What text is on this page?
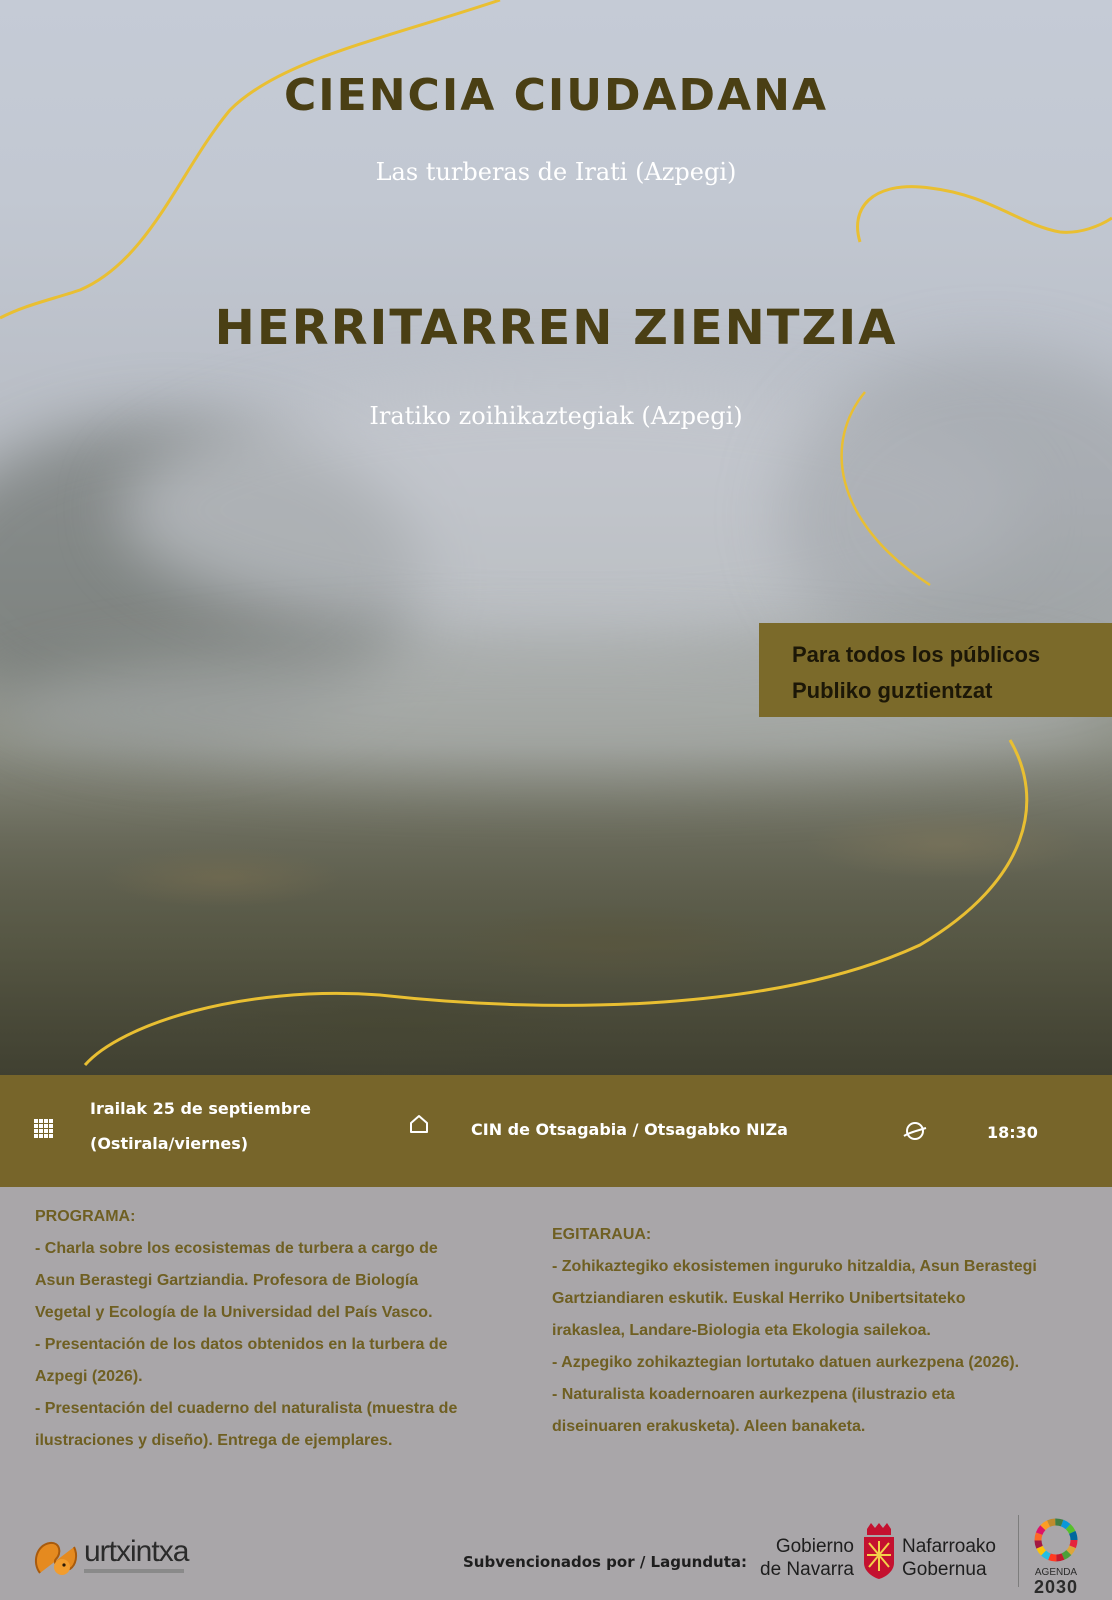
CIENCIA CIUDADANA
Las turberas de Irati (Azpegi)
HERRITARREN ZIENTZIA
Iratiko zoihikaztegiak (Azpegi)
Para todos los públicos
Publiko guztientzat
Irailak 25 de septiembre
(Ostirala/viernes)
CIN de Otsagabia / Otsagabko NIZa	18:30

PROGRAMA:

- Charla sobre los ecosistemas de turbera a cargo de

Asun Berastegi Gartziandia. Profesora de Biología

Vegetal y Ecología de la Universidad del País Vasco.

- Presentación de los datos obtenidos en la turbera de

Azpegi (2026).

- Presentación del cuaderno del naturalista (muestra de

ilustraciones y diseño). Entrega de ejemplares.

EGITARAUA:

- Zohikaztegiko ekosistemen inguruko hitzaldia, Asun Berastegi

Gartziandiaren eskutik. Euskal Herriko Unibertsitateko

irakaslea, Landare-Biologia eta Ekologia sailekoa.

- Azpegiko zohikaztegian lortutako datuen aurkezpena (2026).

- Naturalista koadernoaren aurkezpena (ilustrazio eta

diseinuaren erakusketa). Aleen banaketa.

urtxintxa	Subvencionados por / Lagunduta:
Gobierno
de Navarra
Nafarroako
Gobernua	AGENDA
2030
